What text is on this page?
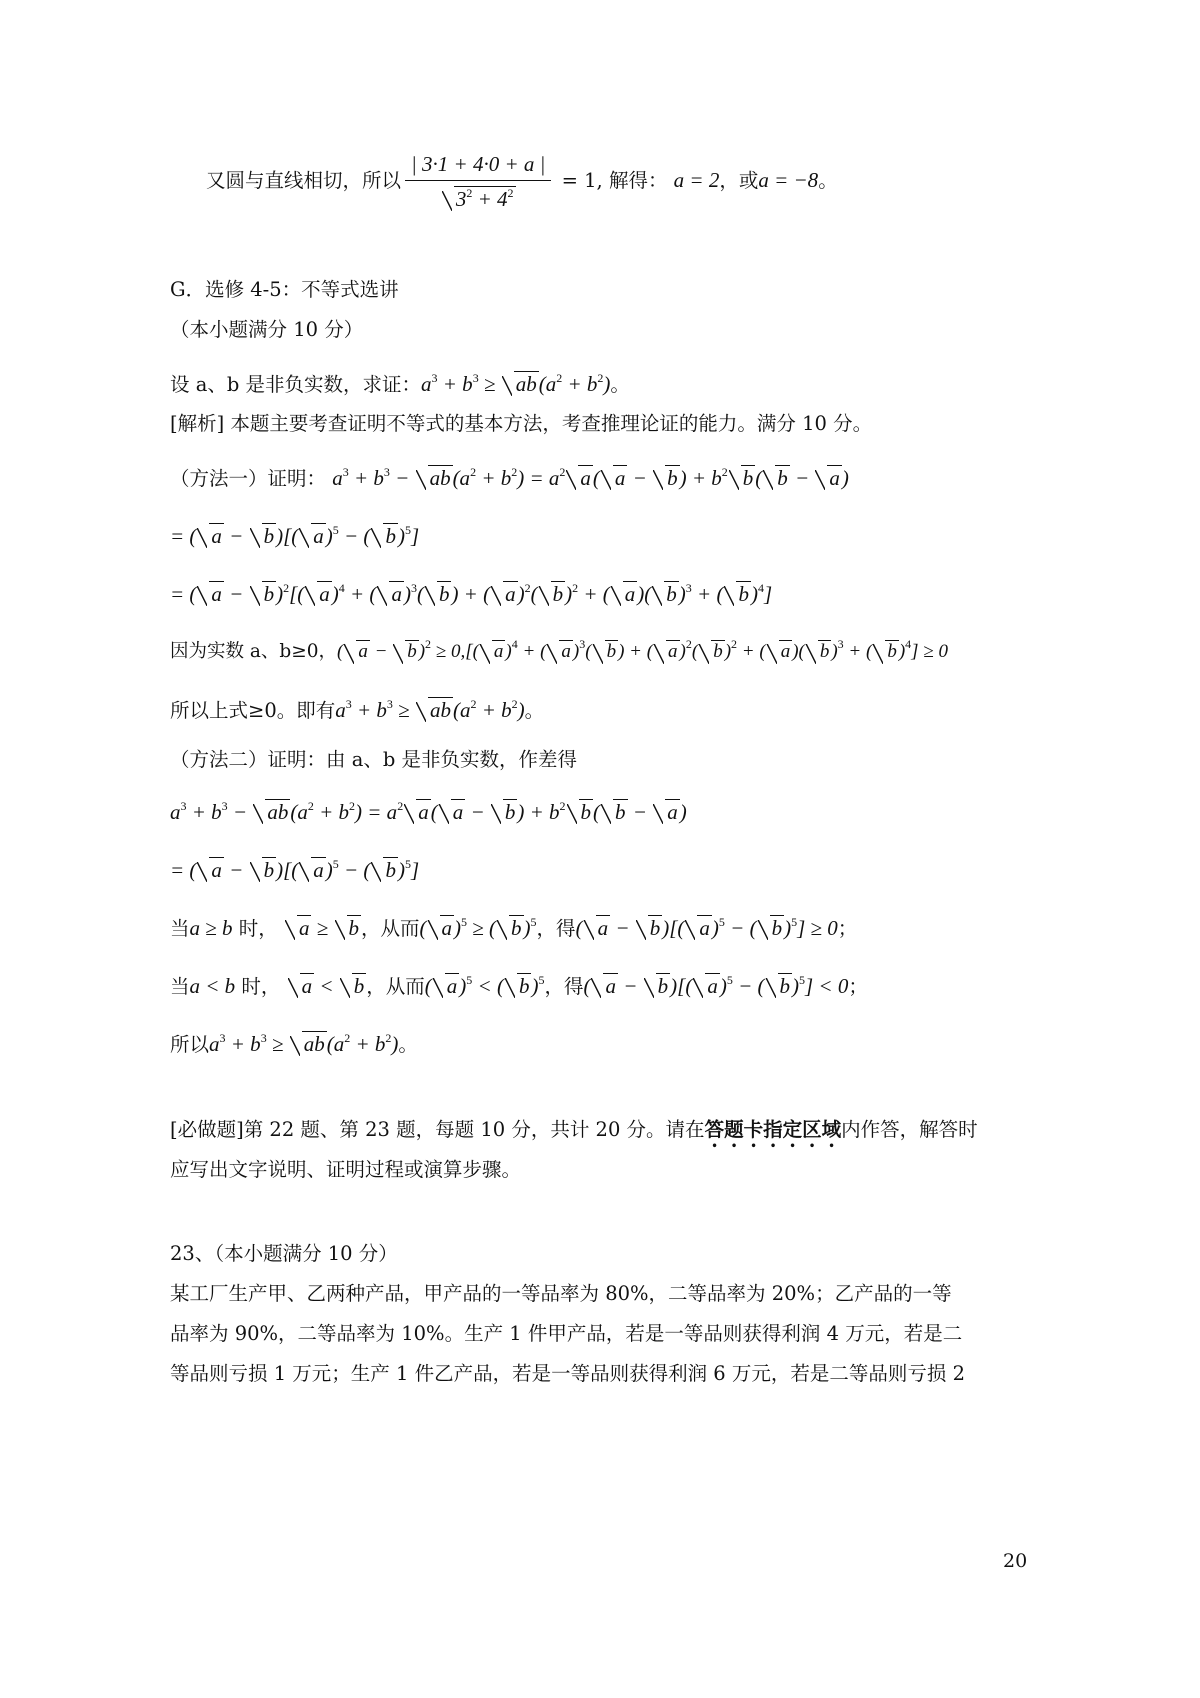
又圆与直线相切，所以 $\frac{| 3\cdot 1 + 4\cdot 0 + a |}{3^2 + 4^2} = 1$, 解得： a = 2，或a = −8。
G．选修 4-5：不等式选讲
（本小题满分 10 分）
设 a、b 是非负实数，求证：$a^3 + b^3 \ge ab(a^2 + b^2)$。
[解析] 本题主要考查证明不等式的基本方法，考查推理论证的能力。满分 10 分。
（方法一）证明： $a^3 + b^3 - ab(a^2 + b^2) = a^2$ a( $a - b) + b^2$ b( b − a)
= ( a − b)[( a)$^5$ − ( b)$^5$]
= ( a − b)$^2$[( a)$^4$ + ( a)$^3$( b) + ( a)$^2$( b)$^2$ + ( a)( b)$^3$ + ( b)$^4$]
因为实数 a、b≥0，( a − b )$^2$ ≥ 0,[( a )$^4$ + ( a )$^3$( b ) + ( a )$^2$( b )$^2$ + ( a )( b )$^3$ + ( b )$^4$] ≥ 0
所以上式≥0。即有$a^3 + b^3 \ge ab(a^2 + b^2)$。
（方法二）证明：由 a、b 是非负实数，作差得
$a^3 + b^3 - ab(a^2 + b^2) = a^2$ a( $a - b) + b^2$ b( b − a)
= ( a − b)[( a)$^5$ − ( b)$^5$]
当a ≥ b 时， a ≥ b ，从而( a)$^5$ ≥ ( b)$^5$，得( a − b)[( a)$^5$ − ( b)$^5$] ≥ 0；
当a < b 时， a < b ，从而( a)$^5$ < ( b)$^5$，得( a − b)[( a)$^5$ − ( b)$^5$] < 0；
所以$a^3 + b^3 \ge ab(a^2 + b^2)$。
[必做题]第 22 题、第 23 题，每题 10 分，共计 20 分。请在答题卡指定区域内作答，解答时
应写出文字说明、证明过程或演算步骤。
23、（本小题满分 10 分）
某工厂生产甲、乙两种产品，甲产品的一等品率为 80%，二等品率为 20%；乙产品的一等
品率为 90%，二等品率为 10%。生产 1 件甲产品，若是一等品则获得利润 4 万元，若是二
等品则亏损 1 万元；生产 1 件乙产品，若是一等品则获得利润 6 万元，若是二等品则亏损 2
20
